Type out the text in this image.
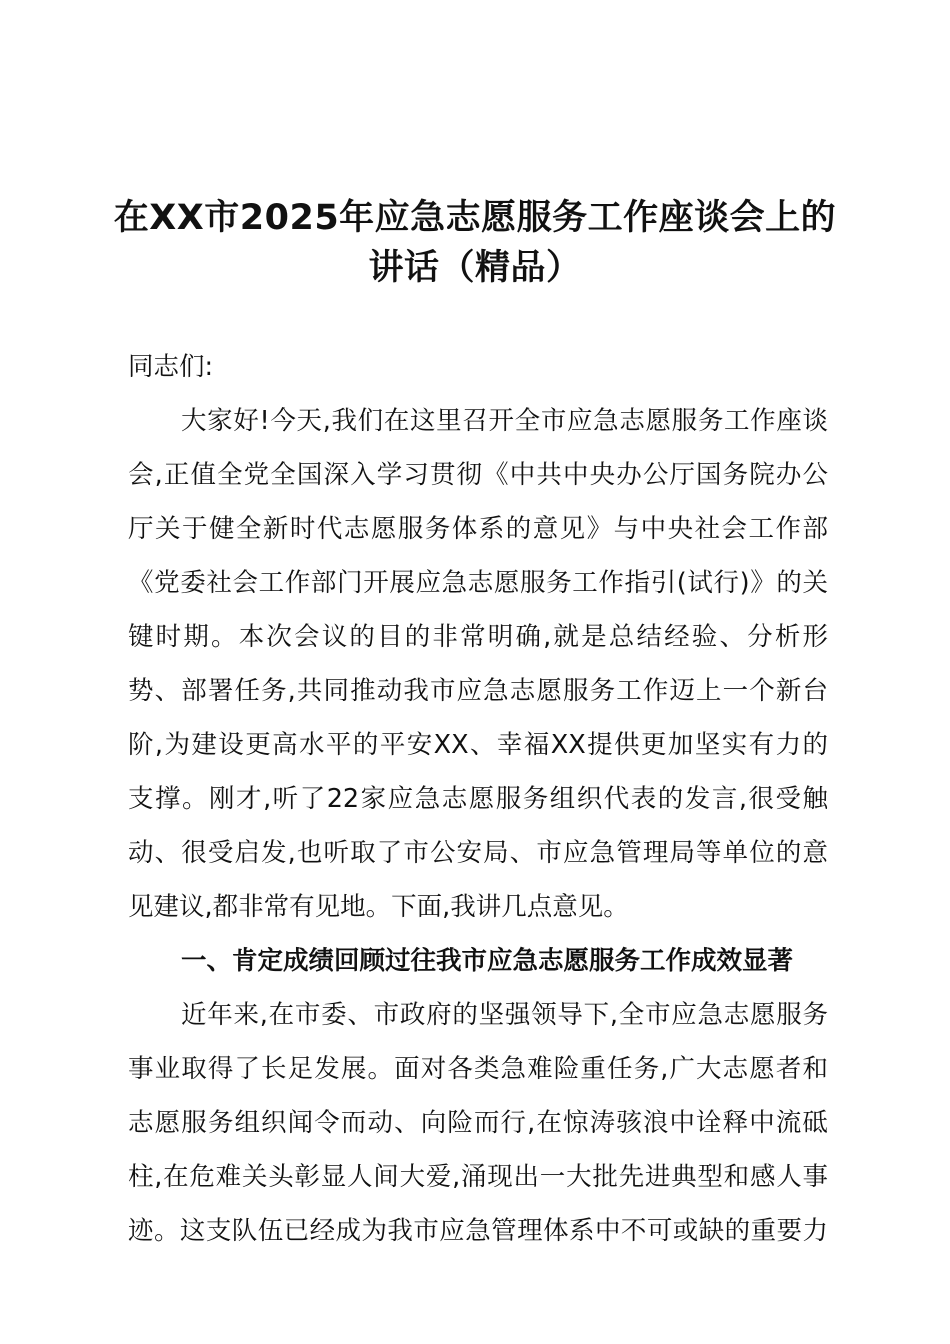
在XX市2025年应急志愿服务工作座谈会上的
讲话（精品）
同志们:
大家好!今天,我们在这里召开全市应急志愿服务工作座谈
会,正值全党全国深入学习贯彻《中共中央办公厅国务院办公
厅关于健全新时代志愿服务体系的意见》与中央社会工作部
《党委社会工作部门开展应急志愿服务工作指引(试行)》的关
键时期。本次会议的目的非常明确,就是总结经验、分析形
势、部署任务,共同推动我市应急志愿服务工作迈上一个新台
阶,为建设更高水平的平安XX、幸福XX提供更加坚实有力的
支撑。刚才,听了22家应急志愿服务组织代表的发言,很受触
动、很受启发,也听取了市公安局、市应急管理局等单位的意
见建议,都非常有见地。下面,我讲几点意见。
一、肯定成绩回顾过往我市应急志愿服务工作成效显著
近年来,在市委、市政府的坚强领导下,全市应急志愿服务
事业取得了长足发展。面对各类急难险重任务,广大志愿者和
志愿服务组织闻令而动、向险而行,在惊涛骇浪中诠释中流砥
柱,在危难关头彰显人间大爱,涌现出一大批先进典型和感人事
迹。这支队伍已经成为我市应急管理体系中不可或缺的重要力
